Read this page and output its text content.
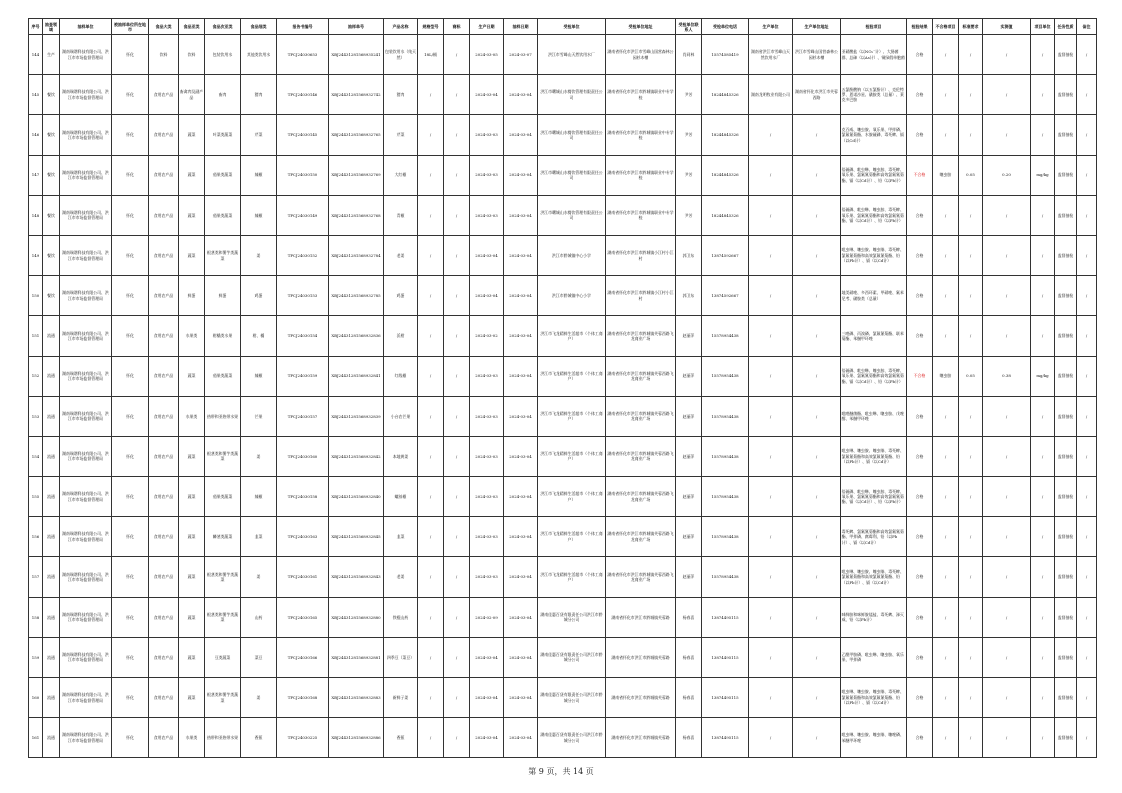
序号	抽查领域	抽样单位	被抽样单位所在地市	食品大类	食品亚类	食品次亚类	食品细类	报告书编号	抽样单号	产品名称	规格型号	商标	生产日期	抽样日期	受检单位	受检单位地址	受检单位联系人	受检单位电话	生产单位	生产单位地址	检验项目	检验结果	不合格项目	标准要求	实测值	项目单位	任务性质	备注
144	生产	湖南瑞谱科技有限公司、洪江市市场监督管理局	怀化	饮料	饮料	包装饮用水	其他类饮用水	TPCJ24030653	XBJ24431281568935241	包装饮用水（纯天然）	18L/桶	/	2024-03-05	2024-03-07	洪江市雪峰山天然饮用水厂	湖南省怀化市洪江市雪峰山国营森林公园杉木槽	肖同林	15574585419	湖南省洪江市雪峰山天然饮用水厂	洪江市雪峰山国营森林公园杉木槽	亚硝酸盐（以NO₂⁻计）、大肠菌群、总砷（以As计）、铜绿假单胞菌	合格	/	/	/	/	监督抽检	/
145	餐饮	湖南瑞谱科技有限公司、洪江市市场监督管理局	怀化	食用农产品	畜禽肉及副产品	畜肉	猪肉	TPCJ24030146	XBJ24431281568932742	猪肉	/	/	2024-03-04	2024-03-04	洪江市曙城山水餐饮管理有限责任公司	湖南省怀化市洪江市黔城镇职业中专学校	尹芳	18244845326	湖南龙明牧业有限公司	湖南省怀化市洪江市芙蓉西路	五氯酚酸钠（以五氯酚计）、克伦特罗、恩诺沙星、磺胺类（总量）、莱克多巴胺	合格	/	/	/	/	监督抽检	/
146	餐饮	湖南瑞谱科技有限公司、洪江市市场监督管理局	怀化	食用农产品	蔬菜	叶菜类蔬菜	芹菜	TPCJ24030145	XBJ24431281568932765	芹菜	/	/	2024-03-03	2024-03-04	洪江市曙城山水餐饮管理有限责任公司	湖南省怀化市洪江市黔城镇职业中专学校	尹芳	18244845326	/	/	克百威、噻虫胺、氧乐果、甲拌磷、氯氟氰菊酯、水胺硫磷、毒死蜱、镉（以Cd计）	合格	/	/	/	/	监督抽检	/
147	餐饮	湖南瑞谱科技有限公司、洪江市市场监督管理局	怀化	食用农产品	蔬菜	茄果类蔬菜	辣椒	TPCJ24030150	XBJ24431281568932769	大红椒	/	/	2024-03-03	2024-03-04	洪江市曙城山水餐饮管理有限责任公司	湖南省怀化市洪江市黔城镇职业中专学校	尹芳	18244845326	/	/	倍硫磷、吡虫啉、噻虫胺、毒死蜱、氧乐果、氯氟氰菊酯和高效氯氟氰菊酯、镉（以Cd计）、铅（以Pb计）	不合格	噻虫胺	0.05	0.20	mg/kg	监督抽检	/
148	餐饮	湖南瑞谱科技有限公司、洪江市市场监督管理局	怀化	食用农产品	蔬菜	茄果类蔬菜	辣椒	TPCJ24030149	XBJ24431281568932768	青椒	/	/	2024-03-03	2024-03-04	洪江市曙城山水餐饮管理有限责任公司	湖南省怀化市洪江市黔城镇职业中专学校	尹芳	18244845326	/	/	倍硫磷、吡虫啉、噻虫胺、毒死蜱、氧乐果、氯氟氰菊酯和高效氯氟氰菊酯、镉（以Cd计）、铅（以Pb计）	合格	/	/	/	/	监督抽检	/
149	餐饮	湖南瑞谱科技有限公司、洪江市市场监督管理局	怀化	食用农产品	蔬菜	根茎类和薯芋类蔬菜	姜	TPCJ24030152	XBJ24431281568932784	老姜	/	/	2024-03-04	2024-03-04	洪江市黔城镇中心小学	湖南省怀化市洪江市黔城镇小江村小江村	郭卫东	13874592667	/	/	吡虫啉、噻虫胺、噻虫嗪、毒死蜱、氯氟氰菊酯和高效氯氟氰菊酯、铅（以Pb计）、镉（以Cd计）	合格	/	/	/	/	监督抽检	/
150	餐饮	湖南瑞谱科技有限公司、洪江市市场监督管理局	怀化	食用农产品	鲜蛋	鲜蛋	鸡蛋	TPCJ24030153	XBJ24431281568932785	鸡蛋	/	/	2024-03-04	2024-03-04	洪江市黔城镇中心小学	湖南省怀化市洪江市黔城镇小江村小江村	郭卫东	13874592667	/	/	地美硝唑、多西环素、甲硝唑、氟苯尼考、磺胺类（总量）	合格	/	/	/	/	监督抽检	/
151	流通	湖南瑞谱科技有限公司、洪江市市场监督管理局	怀化	食用农产品	水果类	柑橘类水果	柑、橘	TPCJ24030154	XBJ24431281568932836	沃柑	/	/	2024-03-02	2024-03-04	洪江市飞龙精鲜生活超市（个体工商户）	湖南省怀化市洪江市黔城镇芙蓉西路飞龙商业广场	赵丽萍	15578954438	/	/	三唑磷、丙溴磷、氯氟氰菊酯、联苯菊酯、苯醚甲环唑	合格	/	/	/	/	监督抽检	/
152	流通	湖南瑞谱科技有限公司、洪江市市场监督管理局	怀化	食用农产品	蔬菜	茄果类蔬菜	辣椒	TPCJ24030159	XBJ24431281568932841	红线椒	/	/	2024-03-03	2024-03-04	洪江市飞龙精鲜生活超市（个体工商户）	湖南省怀化市洪江市黔城镇芙蓉西路飞龙商业广场	赵丽萍	15578954438	/	/	倍硫磷、吡虫啉、噻虫胺、毒死蜱、氧乐果、氯氟氰菊酯和高效氯氟氰菊酯、镉（以Cd计）、铅（以Pb计）	不合格	噻虫胺	0.05	0.38	mg/kg	监督抽检	/
153	流通	湖南瑞谱科技有限公司、洪江市市场监督管理局	怀化	食用农产品	水果类	热带和亚热带水果	芒果	TPCJ24030157	XBJ24431281568932839	小台农芒果	/	/	2024-03-03	2024-03-04	洪江市飞龙精鲜生活超市（个体工商户）	湖南省怀化市洪江市黔城镇芙蓉西路飞龙商业广场	赵丽萍	15578954438	/	/	吡唑醚菌酯、吡虫啉、噻虫胺、戊唑醇、苯醚甲环唑	合格	/	/	/	/	监督抽检	/
154	流通	湖南瑞谱科技有限公司、洪江市市场监督管理局	怀化	食用农产品	蔬菜	根茎类和薯芋类蔬菜	姜	TPCJ24030160	XBJ24431281568932842	本地黄姜	/	/	2024-03-03	2024-03-04	洪江市飞龙精鲜生活超市（个体工商户）	湖南省怀化市洪江市黔城镇芙蓉西路飞龙商业广场	赵丽萍	15578954438	/	/	吡虫啉、噻虫胺、噻虫嗪、毒死蜱、氯氟氰菊酯和高效氯氟氰菊酯、铅（以Pb计）、镉（以Cd计）	合格	/	/	/	/	监督抽检	/
155	流通	湖南瑞谱科技有限公司、洪江市市场监督管理局	怀化	食用农产品	蔬菜	茄果类蔬菜	辣椒	TPCJ24030158	XBJ24431281568932840	螺丝椒	/	/	2024-03-03	2024-03-04	洪江市飞龙精鲜生活超市（个体工商户）	湖南省怀化市洪江市黔城镇芙蓉西路飞龙商业广场	赵丽萍	15578954438	/	/	倍硫磷、吡虫啉、噻虫胺、毒死蜱、氧乐果、氯氟氰菊酯和高效氯氟氰菊酯、镉（以Cd计）、铅（以Pb计）	合格	/	/	/	/	监督抽检	/
156	流通	湖南瑞谱科技有限公司、洪江市市场监督管理局	怀化	食用农产品	蔬菜	鳞茎类蔬菜	韭菜	TPCJ24030163	XBJ24431281568932845	韭菜	/	/	2024-03-03	2024-03-04	洪江市飞龙精鲜生活超市（个体工商户）	湖南省怀化市洪江市黔城镇芙蓉西路飞龙商业广场	赵丽萍	15578954438	/	/	毒死蜱、氯氟氰菊酯和高效氯氟氰菊酯、甲拌磷、腐霉利、铅（以Pb计）、镉（以Cd计）	合格	/	/	/	/	监督抽检	/
157	流通	湖南瑞谱科技有限公司、洪江市市场监督管理局	怀化	食用农产品	蔬菜	根茎类和薯芋类蔬菜	姜	TPCJ24030161	XBJ24431281568932843	老姜	/	/	2024-03-03	2024-03-04	洪江市飞龙精鲜生活超市（个体工商户）	湖南省怀化市洪江市黔城镇芙蓉西路飞龙商业广场	赵丽萍	15578954438	/	/	吡虫啉、噻虫胺、噻虫嗪、毒死蜱、氯氟氰菊酯和高效氯氟氰菊酯、铅（以Pb计）、镉（以Cd计）	合格	/	/	/	/	监督抽检	/
158	流通	湖南瑞谱科技有限公司、洪江市市场监督管理局	怀化	食用农产品	蔬菜	根茎类和薯芋类蔬菜	山药	TPCJ24030165	XBJ24431281568932880	铁棍山药	/	/	2024-02-09	2024-03-04	湖南佳惠百货有限责任公司洪江市黔城分公司	湖南省怀化市洪江市黔城镇芙蓉路	杨春喜	13874495115	/	/	咪鲜胺和咪鲜胺锰盐、毒死蜱、涕灭威、铅（以Pb计）	合格	/	/	/	/	监督抽检	/
159	流通	湖南瑞谱科技有限公司、洪江市市场监督管理局	怀化	食用农产品	蔬菜	豆类蔬菜	菜豆	TPCJ24030166	XBJ24431281568932881	四季豆（菜豆）	/	/	2024-03-04	2024-03-04	湖南佳惠百货有限责任公司洪江市黔城分公司	湖南省怀化市洪江市黔城镇芙蓉路	杨春喜	13874495115	/	/	乙酰甲胺磷、吡虫啉、噻虫胺、氧乐果、甲拌磷	合格	/	/	/	/	监督抽检	/
160	流通	湖南瑞谱科技有限公司、洪江市市场监督管理局	怀化	食用农产品	蔬菜	根茎类和薯芋类蔬菜	姜	TPCJ24030168	XBJ24431281568932883	新鲜子姜	/	/	2024-03-04	2024-03-04	湖南佳惠百货有限责任公司洪江市黔城分公司	湖南省怀化市洪江市黔城镇芙蓉路	杨春喜	13874495115	/	/	吡虫啉、噻虫胺、噻虫嗪、毒死蜱、氯氟氰菊酯和高效氯氟氰菊酯、铅（以Pb计）、镉（以Cd计）	合格	/	/	/	/	监督抽检	/
161	流通	湖南瑞谱科技有限公司、洪江市市场监督管理局	怀化	食用农产品	水果类	热带和亚热带水果	香蕉	TPCJ24030225	XBJ24431281568932886	香蕉	/	/	2024-03-04	2024-03-04	湖南佳惠百货有限责任公司洪江市黔城分公司	湖南省怀化市洪江市黔城镇芙蓉路	杨春喜	13874495115	/	/	吡虫啉、噻虫胺、噻虫嗪、噻唑磷、苯醚甲环唑	合格	/	/	/	/	监督抽检	/
第 9 页，共 14 页
